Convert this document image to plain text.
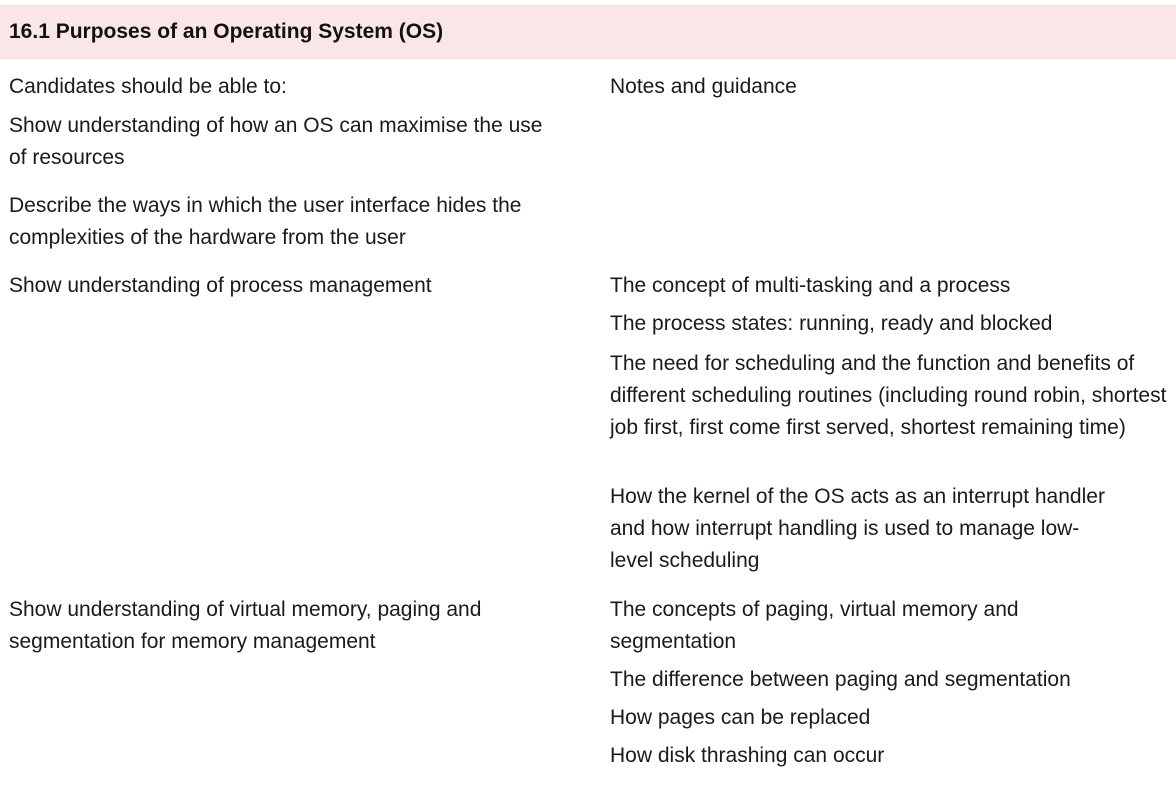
16.1 Purposes of an Operating System (OS)
Candidates should be able to:	Notes and guidance
Show understanding of how an OS can maximise the use of resources
Describe the ways in which the user interface hides the complexities of the hardware from the user
Show understanding of process management	The concept of multi-tasking and a process
The process states: running, ready and blocked
The need for scheduling and the function and benefits of different scheduling routines (including round robin, shortest job first, first come first served, shortest remaining time)
How the kernel of the OS acts as an interrupt handler and how interrupt handling is used to manage low-level scheduling
Show understanding of virtual memory, paging and segmentation for memory management
The concepts of paging, virtual memory and segmentation
The difference between paging and segmentation
How pages can be replaced
How disk thrashing can occur
